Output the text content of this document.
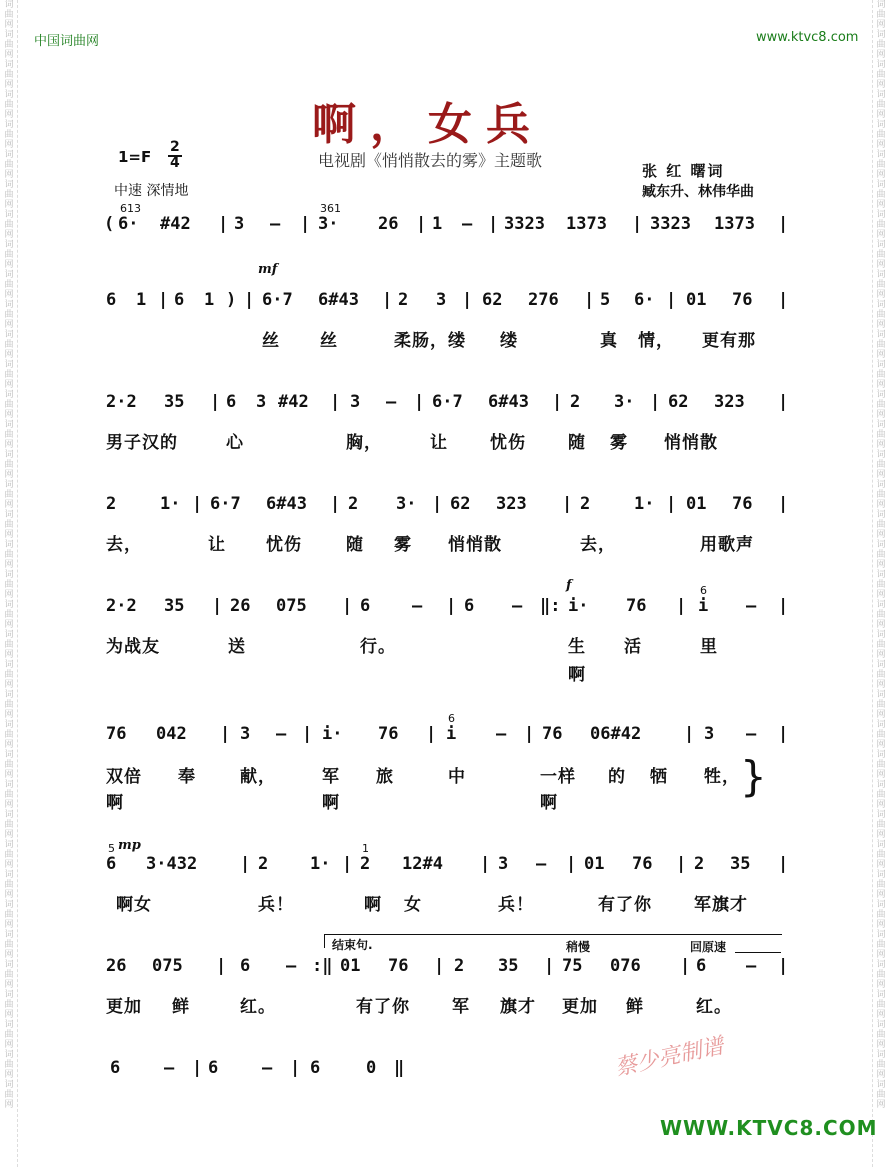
词曲网词曲网词曲网词曲网词曲网词曲网词曲网词曲网词曲网词曲网词曲网词曲网词曲网词曲网词曲网词曲网词曲网词曲网词曲网词曲网词曲网词曲网词曲网词曲网词曲网词曲网词曲网词曲网词曲网词曲网词曲网词曲网词曲网词曲网词曲网词曲网词曲网
词曲网词曲网词曲网词曲网词曲网词曲网词曲网词曲网词曲网词曲网词曲网词曲网词曲网词曲网词曲网词曲网词曲网词曲网词曲网词曲网词曲网词曲网词曲网词曲网词曲网词曲网词曲网词曲网词曲网词曲网词曲网词曲网词曲网词曲网词曲网词曲网词曲网
中国词曲网	www.ktvc8.com
啊，女兵
电视剧《悄悄散去的雾》主题歌
1=F
2
4
中速 深情地
张 红 曙词
臧东升、林伟华曲
( 6·
613
#42 | 3 – | 3·
361
26 | 1 – | 3323 1373 | 3323 1373 |
6 1 | 6 1 ) | 6·7 6#43 | 2 3 | 62 276 | 5 6· | 01 76 |
2·2 35 | 6 3 #42 | 3 – | 6·7 6#43 | 2 3· | 62 323 |
2	1· | 6·7 6#43 | 2 3· | 62 323 | 2	1· | 01 76 |
2·2 35 | 26 075 | 6 – | 6 – ‖: i· 76 | i
6
– |
76 042 | 3 – | i· 76 | i
6
– | 76 06#42	| 3 – |
6
5
3·432	| 2 1· | 2
1
12#4 | 3 – | 01 76 | 2 35 |
26 075 | 6 – :‖ 01 76 | 2 35 | 75 076 | 6 – |
6	– | 6	– | 6	0 ‖
丝 丝	柔肠，缕 缕	真 情， 更有那
男子汉的	心	胸，	让 忧伤 随 雾 悄悄散
去，	让 忧伤	随 雾 悄悄散	去，	用歌声
为战友	送	行。	生 活	里
啊
双倍 奉	献，	军 旅	中	一样 的 牺 牲，
啊	啊	啊
啊女	兵！	啊 女	兵！	有了你 军旗才
更加 鲜	红。	有了你 军 旗才 更加 鲜	红。
mf
f
mp
}
结束句.	稍慢	回原速
蔡少亮制谱
WWW.KTVC8.COM
